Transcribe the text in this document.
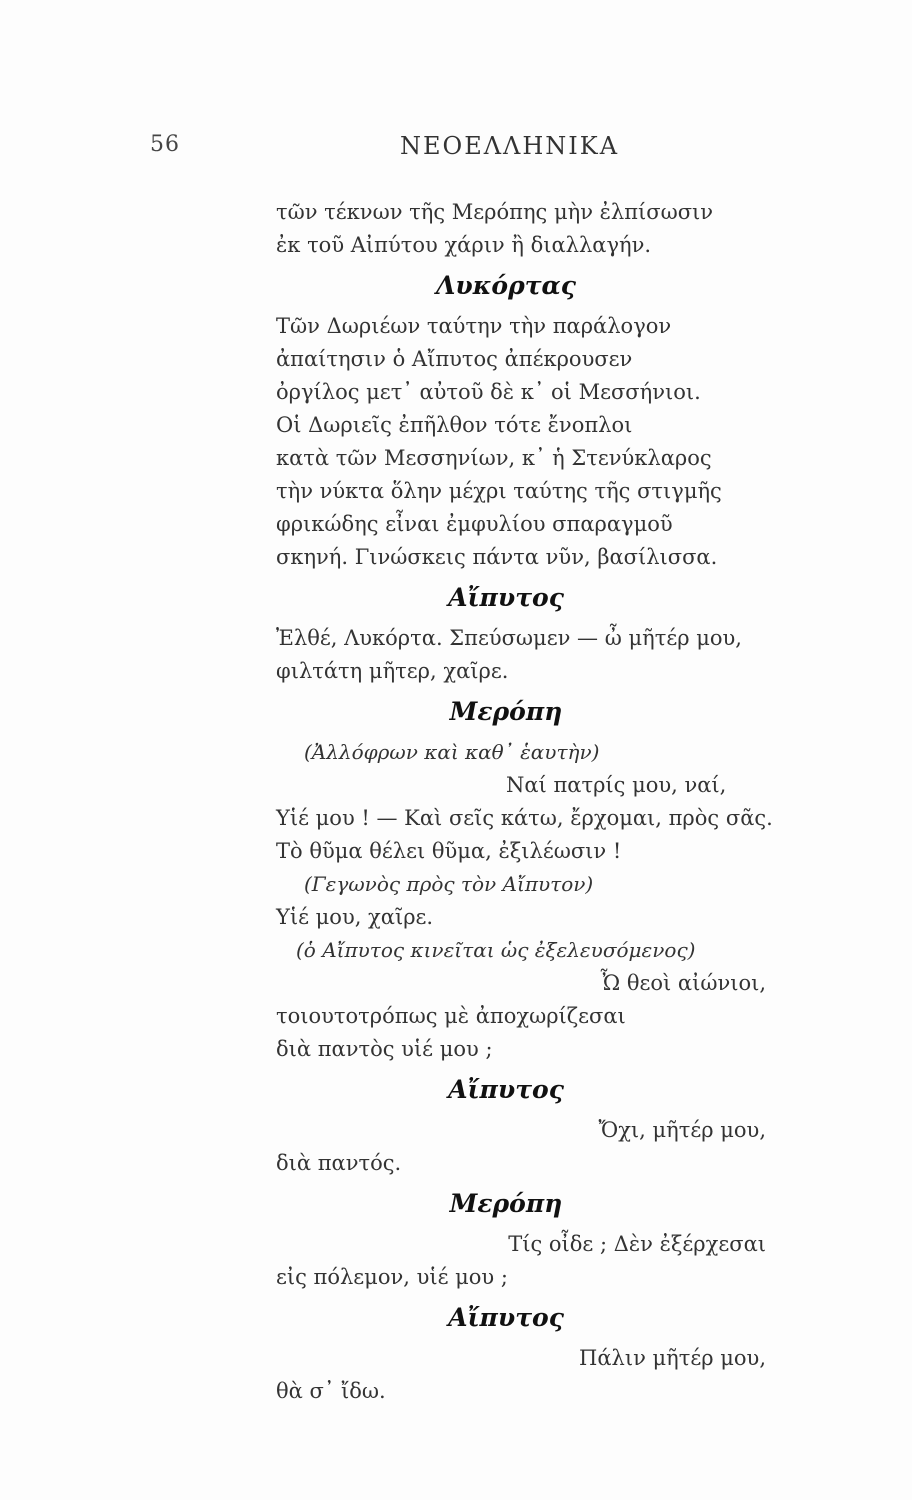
56	ΝΕΟΕΛΛΗΝΙΚΑ
τῶν τέκνων τῆς Μερόπης μὴν ἐλπίσωσιν
ἐκ τοῦ Αἰπύτου χάριν ἢ διαλλαγήν.
Λυκόρτας
Τῶν Δωριέων ταύτην τὴν παράλογον
ἀπαίτησιν ὁ Αἴπυτος ἀπέκρουσεν
ὀργίλος μετ᾽ αὐτοῦ δὲ κ᾽ οἱ Μεσσήνιοι.
Οἱ Δωριεῖς ἐπῆλθον τότε ἔνοπλοι
κατὰ τῶν Μεσσηνίων, κ᾽ ἡ Στενύκλαρος
τὴν νύκτα ὅλην μέχρι ταύτης τῆς στιγμῆς
φρικώδης εἶναι ἐμφυλίου σπαραγμοῦ
σκηνή. Γινώσκεις πάντα νῦν, βασίλισσα.
Αἴπυτος
Ἐλθέ, Λυκόρτα. Σπεύσωμεν — ὦ μῆτέρ μου,
φιλτάτη μῆτερ, χαῖρε.
Μερόπη
(Ἀλλόφρων καὶ καθ᾽ ἑαυτὴν)
Ναί πατρίς μου, ναί,
Υἱέ μου ! — Καὶ σεῖς κάτω, ἔρχομαι, πρὸς σᾶς.
Τὸ θῦμα θέλει θῦμα, ἐξιλέωσιν !
(Γεγωνὸς πρὸς τὸν Αἴπυτον)
Υἱέ μου, χαῖρε.
(ὁ Αἴπυτος κινεῖται ὡς ἐξελευσόμενος)
Ὦ θεοὶ αἰώνιοι,
τοιουτοτρόπως μὲ ἀποχωρίζεσαι
διὰ παντὸς υἱέ μου ;
Αἴπυτος
Ὄχι, μῆτέρ μου,
διὰ παντός.
Μερόπη
Τίς οἶδε ; Δὲν ἐξέρχεσαι
εἰς πόλεμον, υἱέ μου ;
Αἴπυτος
Πάλιν μῆτέρ μου,
θὰ σ᾽ ἴδω.
